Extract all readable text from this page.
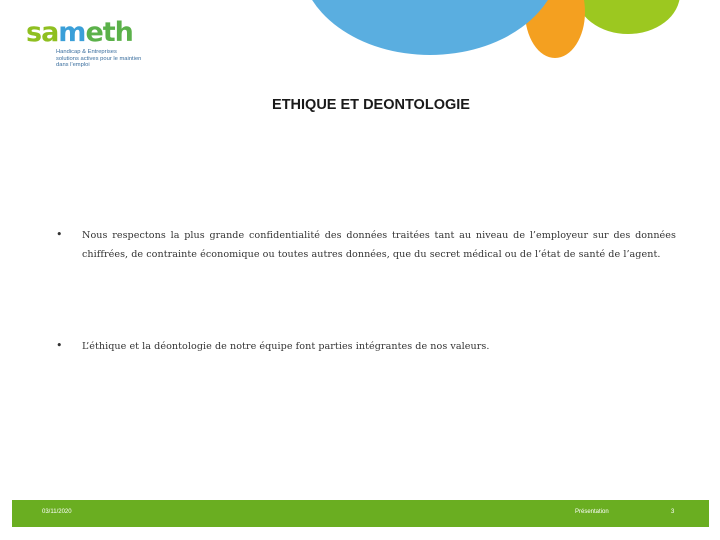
sameth
Handicap & Entreprises
solutions actives pour le maintien
dans l'emploi
ETHIQUE ET DEONTOLOGIE
• Nous respectons la plus grande confidentialité des données traitées tant au niveau de l’employeur sur des données chiffrées, de contrainte économique ou toutes autres données, que du secret médical ou de l’état de santé de l’agent.
• L’éthique et la déontologie de notre équipe font parties intégrantes de nos valeurs.
03/11/2020	Présentation	3
